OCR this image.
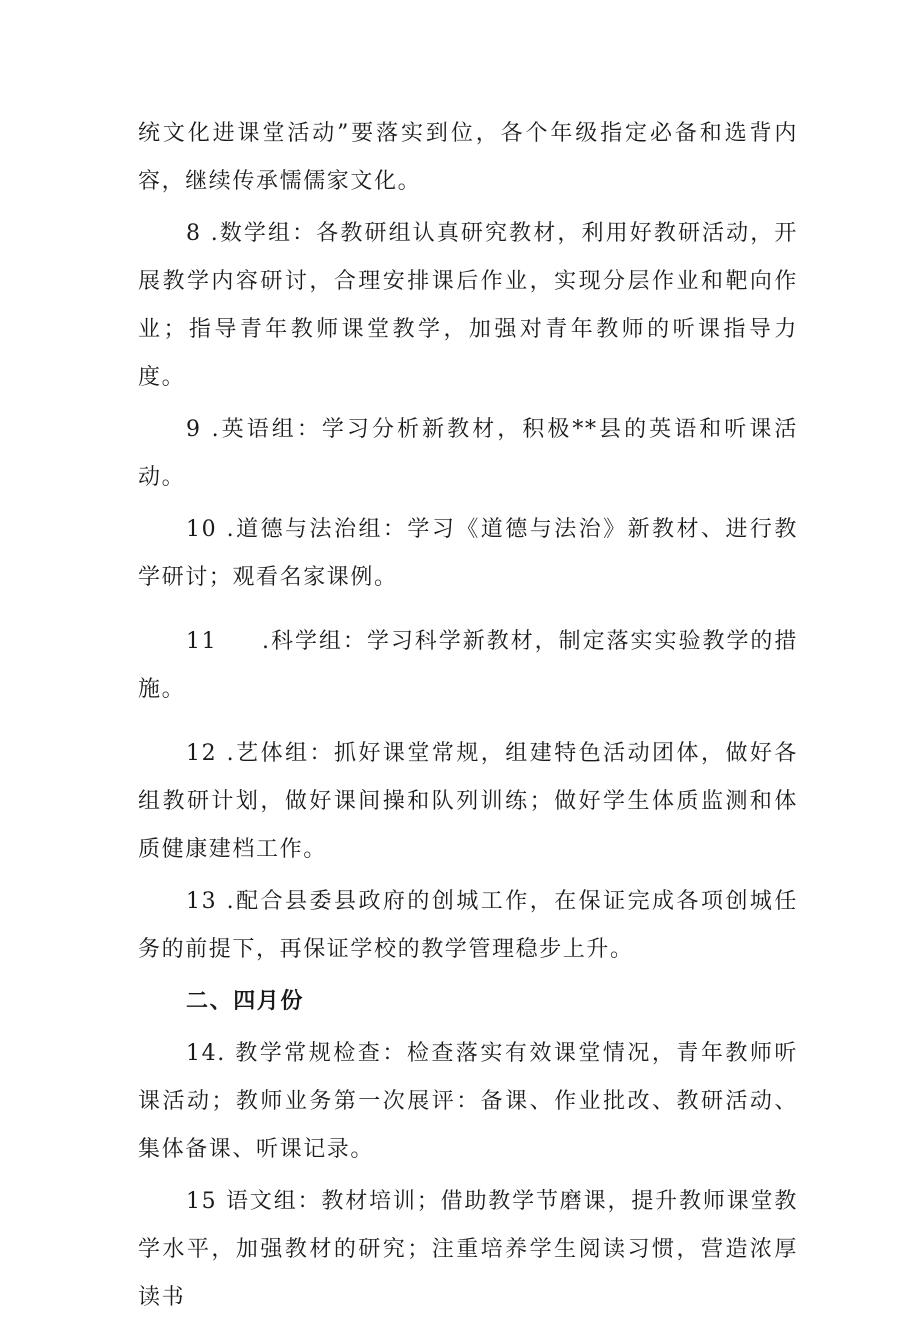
统文化进课堂活动”要落实到位，各个年级指定必备和选背内容，继续传承懦儒家文化。

8 .数学组：各教研组认真研究教材，利用好教研活动，开展教学内容研讨，合理安排课后作业，实现分层作业和靶向作业；指导青年教师课堂教学，加强对青年教师的听课指导力度。

9 .英语组：学习分析新教材，积极**县的英语和听课活动。

10 .道德与法治组：学习《道德与法治》新教材、进行教学研讨；观看名家课例。

11     .科学组：学习科学新教材，制定落实实验教学的措施。

12 .艺体组：抓好课堂常规，组建特色活动团体，做好各组教研计划，做好课间操和队列训练；做好学生体质监测和体质健康建档工作。

13 .配合县委县政府的创城工作，在保证完成各项创城任务的前提下，再保证学校的教学管理稳步上升。

二、四月份

14. 教学常规检查：检查落实有效课堂情况，青年教师听课活动；教师业务第一次展评：备课、作业批改、教研活动、集体备课、听课记录。

15 语文组：教材培训；借助教学节磨课，提升教师课堂教学水平，加强教材的研究；注重培养学生阅读习惯，营造浓厚读书
